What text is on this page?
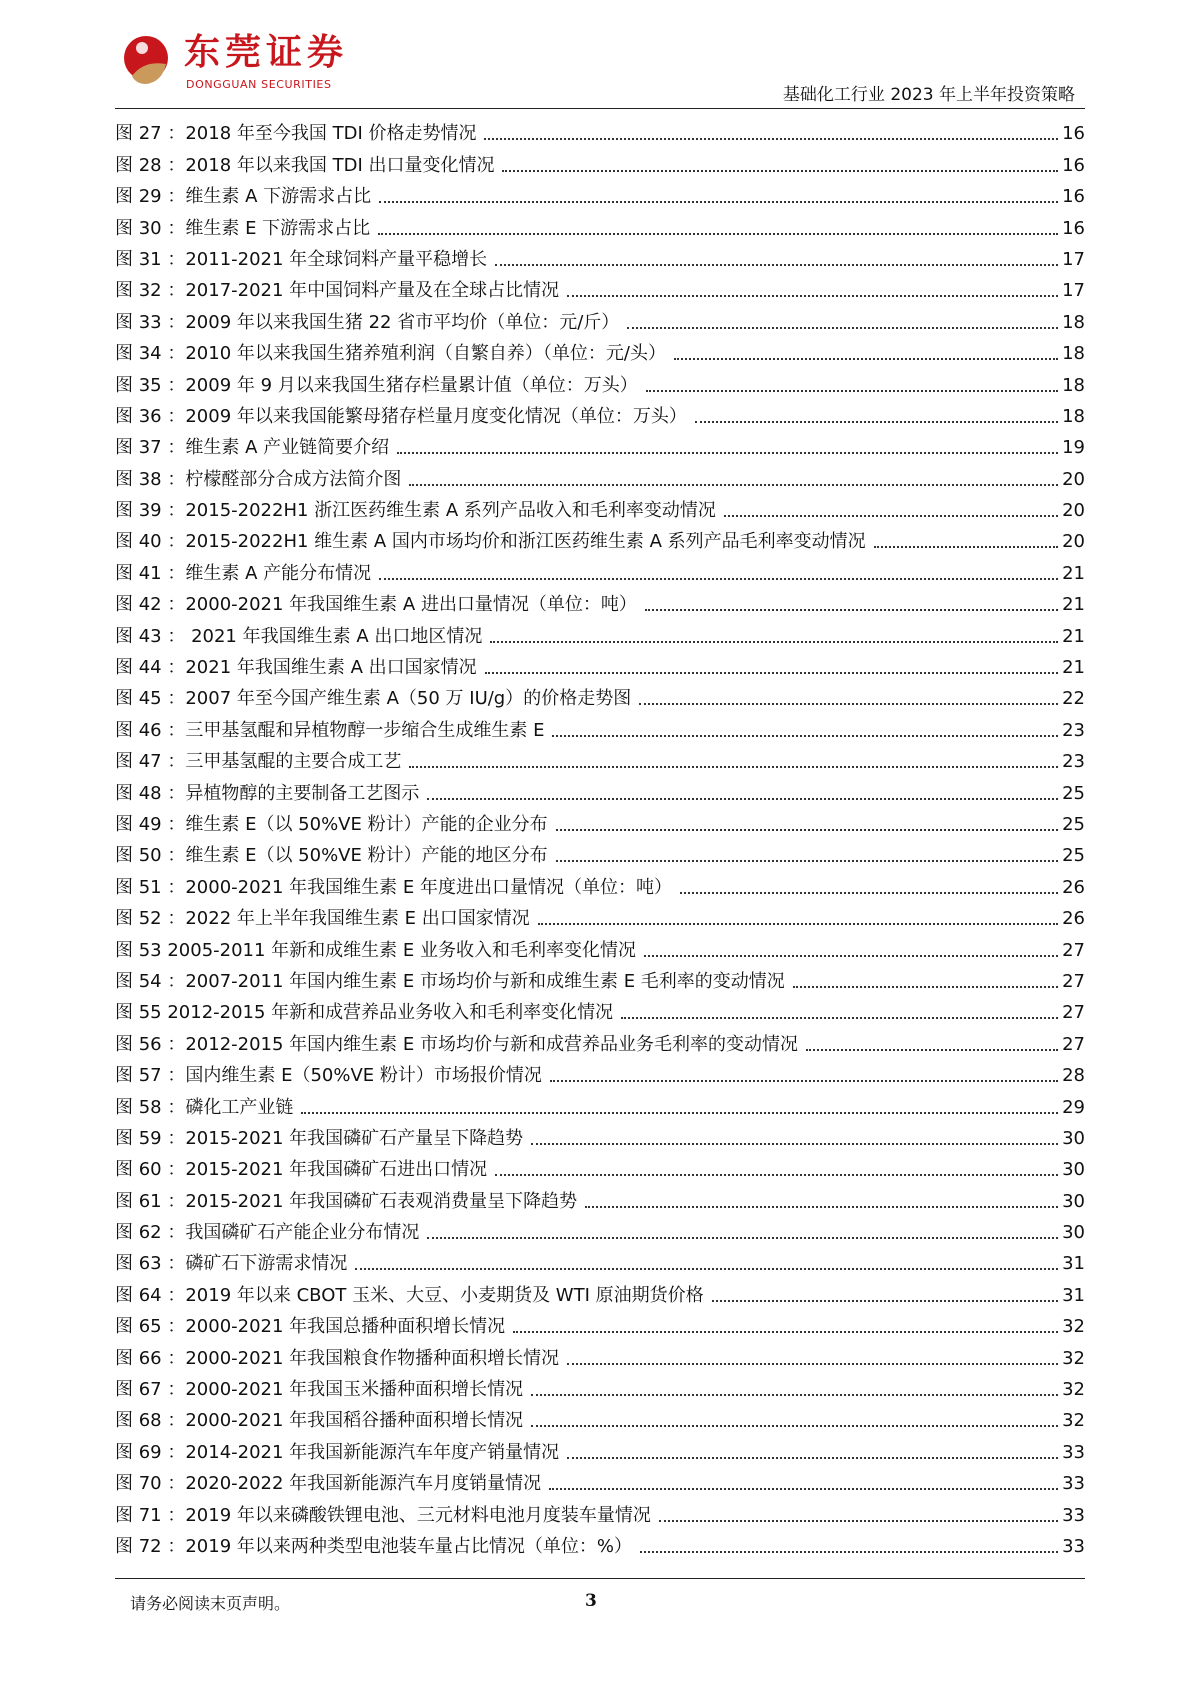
东莞证券
DONGGUAN SECURITIES
基础化工行业 2023 年上半年投资策略
图 27 ：2018 年至今我国 TDI 价格走势情况	16
图 28 ：2018 年以来我国 TDI 出口量变化情况	16
图 29 ：维生素 A 下游需求占比	16
图 30 ：维生素 E 下游需求占比	16
图 31 ：2011-2021 年全球饲料产量平稳增长	17
图 32 ：2017-2021 年中国饲料产量及在全球占比情况	17
图 33 ：2009 年以来我国生猪 22 省市平均价（单位：元/斤）	18
图 34 ：2010 年以来我国生猪养殖利润（自繁自养）（单位：元/头）	18
图 35 ：2009 年 9 月以来我国生猪存栏量累计值（单位：万头）	18
图 36 ：2009 年以来我国能繁母猪存栏量月度变化情况（单位：万头）	18
图 37 ：维生素 A 产业链简要介绍	19
图 38 ：柠檬醛部分合成方法简介图	20
图 39 ：2015-2022H1 浙江医药维生素 A 系列产品收入和毛利率变动情况	20
图 40 ：2015-2022H1 维生素 A 国内市场均价和浙江医药维生素 A 系列产品毛利率变动情况	20
图 41 ：维生素 A 产能分布情况	21
图 42 ：2000-2021 年我国维生素 A 进出口量情况（单位：吨）	21
图 43 ： 2021 年我国维生素 A 出口地区情况	21
图 44 ：2021 年我国维生素 A 出口国家情况	21
图 45 ：2007 年至今国产维生素 A（50 万 IU/g）的价格走势图	22
图 46 ：三甲基氢醌和异植物醇一步缩合生成维生素 E	23
图 47 ：三甲基氢醌的主要合成工艺	23
图 48 ：异植物醇的主要制备工艺图示	25
图 49 ：维生素 E（以 50%VE 粉计）产能的企业分布	25
图 50 ：维生素 E（以 50%VE 粉计）产能的地区分布	25
图 51 ：2000-2021 年我国维生素 E 年度进出口量情况（单位：吨）	26
图 52 ：2022 年上半年我国维生素 E 出口国家情况	26
图 53 2005-2011 年新和成维生素 E 业务收入和毛利率变化情况	27
图 54 ：2007-2011 年国内维生素 E 市场均价与新和成维生素 E 毛利率的变动情况	27
图 55 2012-2015 年新和成营养品业务收入和毛利率变化情况	27
图 56 ：2012-2015 年国内维生素 E 市场均价与新和成营养品业务毛利率的变动情况	27
图 57 ：国内维生素 E（50%VE 粉计）市场报价情况	28
图 58 ：磷化工产业链	29
图 59 ：2015-2021 年我国磷矿石产量呈下降趋势	30
图 60 ：2015-2021 年我国磷矿石进出口情况	30
图 61 ：2015-2021 年我国磷矿石表观消费量呈下降趋势	30
图 62 ：我国磷矿石产能企业分布情况	30
图 63 ：磷矿石下游需求情况	31
图 64 ：2019 年以来 CBOT 玉米、大豆、小麦期货及 WTI 原油期货价格	31
图 65 ：2000-2021 年我国总播种面积增长情况	32
图 66 ：2000-2021 年我国粮食作物播种面积增长情况	32
图 67 ：2000-2021 年我国玉米播种面积增长情况	32
图 68 ：2000-2021 年我国稻谷播种面积增长情况	32
图 69 ：2014-2021 年我国新能源汽车年度产销量情况	33
图 70 ：2020-2022 年我国新能源汽车月度销量情况	33
图 71 ：2019 年以来磷酸铁锂电池、三元材料电池月度装车量情况	33
图 72 ：2019 年以来两种类型电池装车量占比情况（单位：%）	33
请务必阅读末页声明。	3
